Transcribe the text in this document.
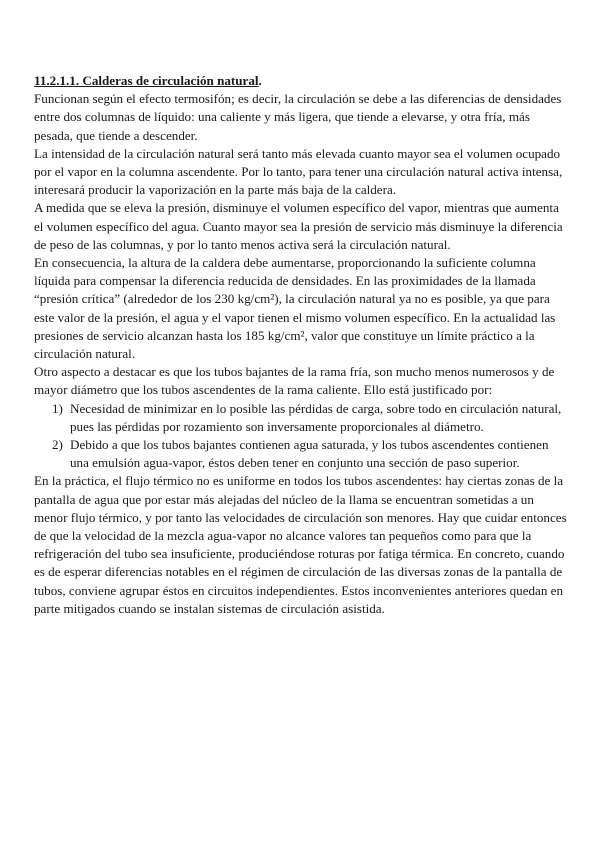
11.2.1.1. Calderas de circulación natural.

Funcionan según el efecto termosifón; es decir, la circulación se debe a las diferencias de densidades entre dos columnas de líquido: una caliente y más ligera, que tiende a elevarse, y otra fría, más pesada, que tiende a descender.

La intensidad de la circulación natural será tanto más elevada cuanto mayor sea el volumen ocupado por el vapor en la columna ascendente. Por lo tanto, para tener una circulación natural activa intensa, interesará producir la vaporización en la parte más baja de la caldera.

A medida que se eleva la presión, disminuye el volumen específico del vapor, mientras que aumenta el volumen específico del agua. Cuanto mayor sea la presión de servicio más disminuye la diferencia de peso de las columnas, y por lo tanto menos activa será la circulación natural.

En consecuencia, la altura de la caldera debe aumentarse, proporcionando la suficiente columna líquida para compensar la diferencia reducida de densidades. En las proximidades de la llamada “presión crítica” (alrededor de los 230 kg/cm²), la circulación natural ya no es posible, ya que para este valor de la presión, el agua y el vapor tienen el mismo volumen específico. En la actualidad las presiones de servicio alcanzan hasta los 185 kg/cm², valor que constituye un límite práctico a la circulación natural.

Otro aspecto a destacar es que los tubos bajantes de la rama fría, son mucho menos numerosos y de mayor diámetro que los tubos ascendentes de la rama caliente. Ello está justificado por:

1) Necesidad de minimizar en lo posible las pérdidas de carga, sobre todo en circulación natural, pues las pérdidas por rozamiento son inversamente proporcionales al diámetro.
2) Debido a que los tubos bajantes contienen agua saturada, y los tubos ascendentes contienen una emulsión agua-vapor, éstos deben tener en conjunto una sección de paso superior.

En la práctica, el flujo térmico no es uniforme en todos los tubos ascendentes: hay ciertas zonas de la pantalla de agua que por estar más alejadas del núcleo de la llama se encuentran sometidas a un menor flujo térmico, y por tanto las velocidades de circulación son menores. Hay que cuidar entonces de que la velocidad de la mezcla agua-vapor no alcance valores tan pequeños como para que la refrigeración del tubo sea insuficiente, produciéndose roturas por fatiga térmica. En concreto, cuando es de esperar diferencias notables en el régimen de circulación de las diversas zonas de la pantalla de tubos, conviene agrupar éstos en circuitos independientes. Estos inconvenientes anteriores quedan en parte mitigados cuando se instalan sistemas de circulación asistida.
